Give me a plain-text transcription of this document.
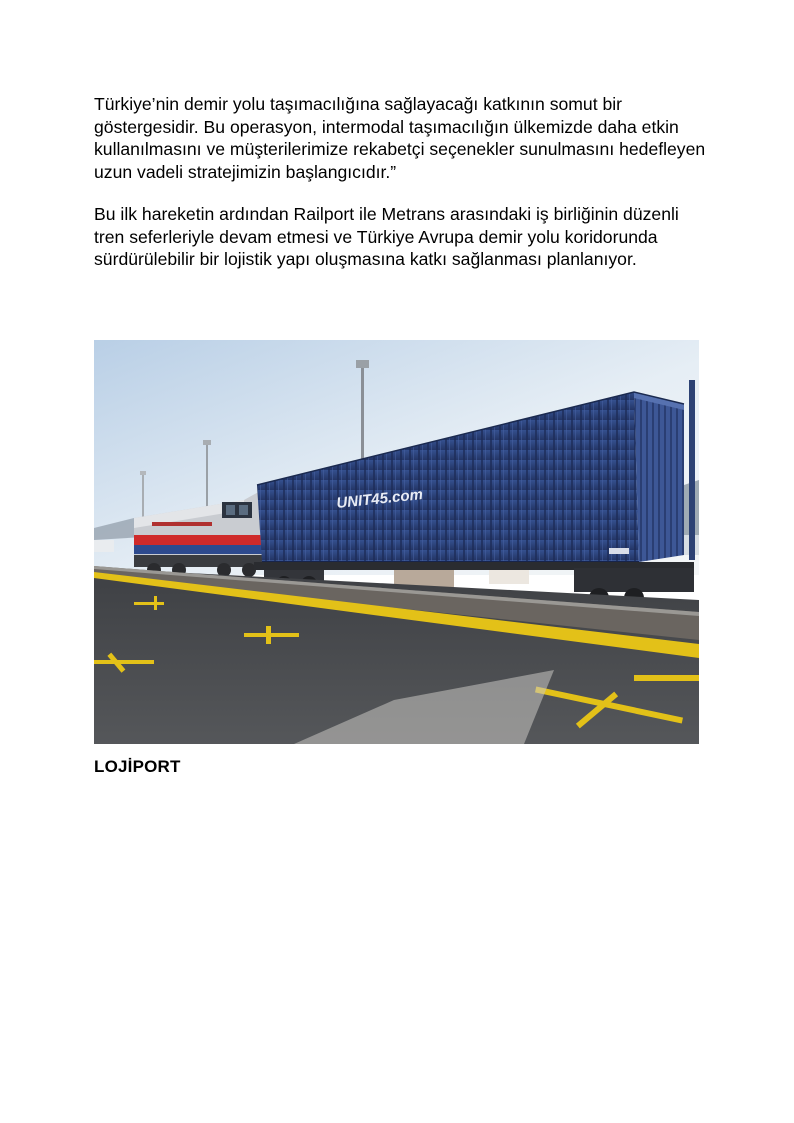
Türkiye’nin demir yolu taşımacılığına sağlayacağı katkının somut bir göstergesidir. Bu operasyon, intermodal taşımacılığın ülkemizde daha etkin kullanılmasını ve müşterilerimize rekabetçi seçenekler sunulmasını hedefleyen uzun vadeli stratejimizin başlangıcıdır.”

Bu ilk hareketin ardından Railport ile Metrans arasındaki iş birliğinin düzenli tren seferleriyle devam etmesi ve Türkiye Avrupa demir yolu koridorunda sürdürülebilir bir lojistik yapı oluşmasına katkı sağlanması planlanıyor.

UNIT45.com
LOJİPORT
